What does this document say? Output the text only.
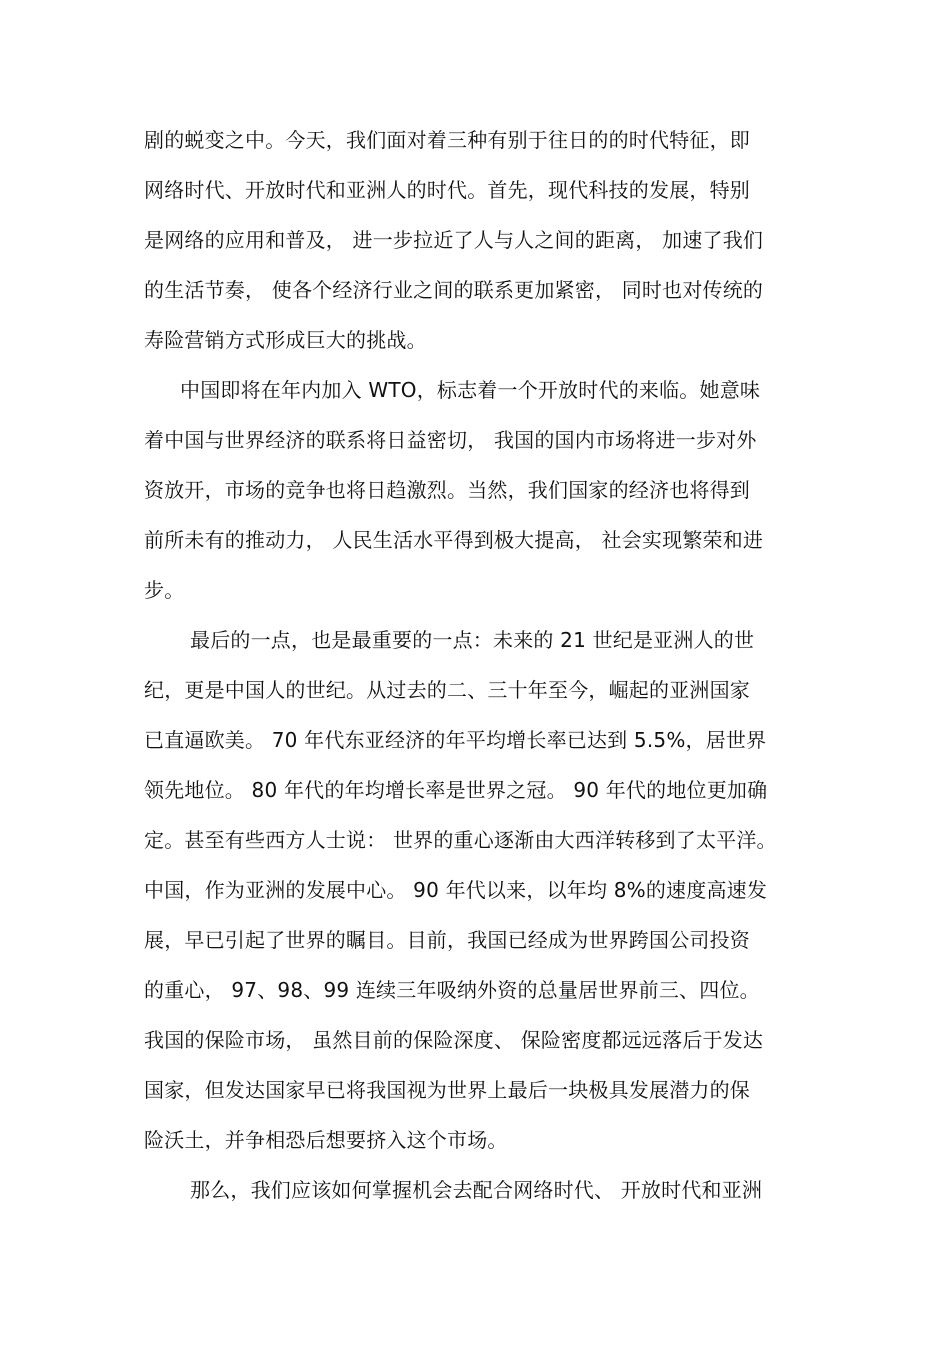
剧的蜕变之中。今天，我们面对着三种有别于往日的的时代特征，即
网络时代、开放时代和亚洲人的时代。首先，现代科技的发展，特别
是网络的应用和普及， 进一步拉近了人与人之间的距离， 加速了我们
的生活节奏， 使各个经济行业之间的联系更加紧密， 同时也对传统的
寿险营销方式形成巨大的挑战。
中国即将在年内加入 WTO，标志着一个开放时代的来临。她意味
着中国与世界经济的联系将日益密切， 我国的国内市场将进一步对外
资放开，市场的竞争也将日趋激烈。当然，我们国家的经济也将得到
前所未有的推动力， 人民生活水平得到极大提高， 社会实现繁荣和进
步。
最后的一点，也是最重要的一点：未来的 21 世纪是亚洲人的世
纪，更是中国人的世纪。从过去的二、三十年至今，崛起的亚洲国家
已直逼欧美。 70 年代东亚经济的年平均增长率已达到 5.5%，居世界
领先地位。 80 年代的年均增长率是世界之冠。 90 年代的地位更加确
定。甚至有些西方人士说： 世界的重心逐渐由大西洋转移到了太平洋。
中国，作为亚洲的发展中心。 90 年代以来，以年均 8%的速度高速发
展，早已引起了世界的瞩目。目前，我国已经成为世界跨国公司投资
的重心， 97、98、99 连续三年吸纳外资的总量居世界前三、四位。
我国的保险市场， 虽然目前的保险深度、 保险密度都远远落后于发达
国家，但发达国家早已将我国视为世界上最后一块极具发展潜力的保
险沃土，并争相恐后想要挤入这个市场。
那么，我们应该如何掌握机会去配合网络时代、 开放时代和亚洲
